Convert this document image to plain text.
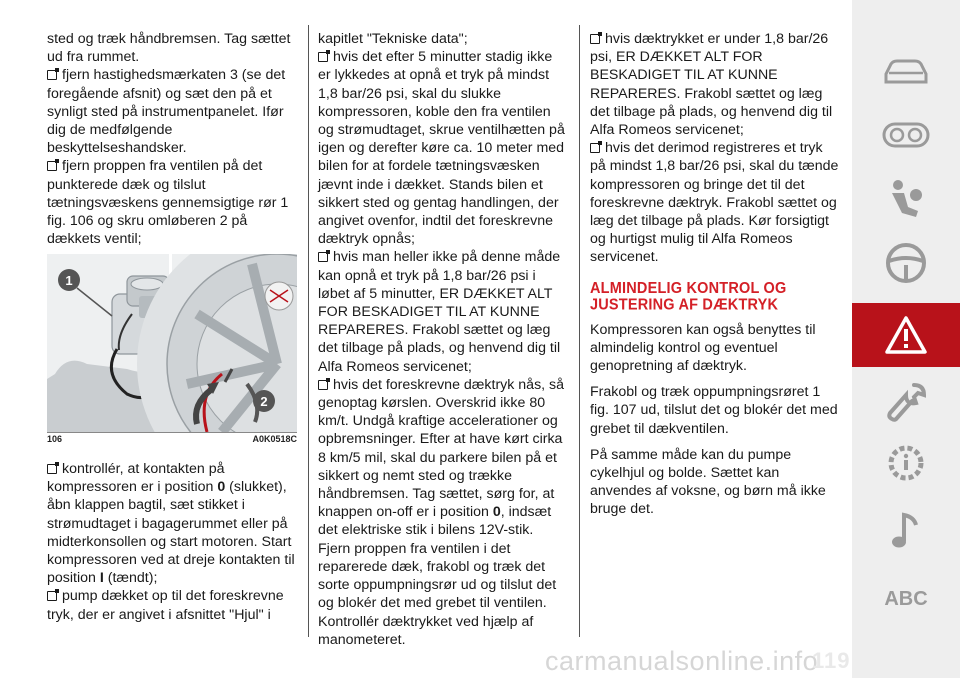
sted og træk håndbremsen. Tag sættet ud fra rummet.

fjern hastighedsmærkaten 3 (se det foregående afsnit) og sæt den på et synligt sted på instrumentpanelet. Ifør dig de medfølgende beskyttelseshandsker.

fjern proppen fra ventilen på det punkterede dæk og tilslut tætningsvæskens gennemsigtige rør 1 fig. 106 og skru omløberen 2 på dækkets ventil;

1
2
106	A0K0518C

kontrollér, at kontakten på kompressoren er i position 0 (slukket), åbn klappen bagtil, sæt stikket i strømudtaget i bagagerummet eller på midterkonsollen og start motoren. Start kompressoren ved at dreje kontakten til position I (tændt);

pump dækket op til det foreskrevne tryk, der er angivet i afsnittet "Hjul" i

kapitlet "Tekniske data";

hvis det efter 5 minutter stadig ikke er lykkedes at opnå et tryk på mindst 1,8 bar/26 psi, skal du slukke kompressoren, koble den fra ventilen og strømudtaget, skrue ventilhætten på igen og derefter køre ca. 10 meter med bilen for at fordele tætningsvæsken jævnt inde i dækket. Stands bilen et sikkert sted og gentag handlingen, der angivet ovenfor, indtil det foreskrevne dæktryk opnås;

hvis man heller ikke på denne måde kan opnå et tryk på 1,8 bar/26 psi i løbet af 5 minutter, ER DÆKKET ALT FOR BESKADIGET TIL AT KUNNE REPARERES. Frakobl sættet og læg det tilbage på plads, og henvend dig til Alfa Romeos servicenet;

hvis det foreskrevne dæktryk nås, så genoptag kørslen. Overskrid ikke 80 km/t. Undgå kraftige accelerationer og opbremsninger. Efter at have kørt cirka 8 km/5 mil, skal du parkere bilen på et sikkert og nemt sted og trække håndbremsen. Tag sættet, sørg for, at knappen on-off er i position 0, indsæt det elektriske stik i bilens 12V-stik. Fjern proppen fra ventilen i det reparerede dæk, frakobl og træk det sorte oppumpningsrør ud og tilslut det og blokér det med grebet til ventilen. Kontrollér dæktrykket ved hjælp af manometeret.

hvis dæktrykket er under 1,8 bar/26 psi, ER DÆKKET ALT FOR BESKADIGET TIL AT KUNNE REPARERES. Frakobl sættet og læg det tilbage på plads, og henvend dig til Alfa Romeos servicenet;

hvis det derimod registreres et tryk på mindst 1,8 bar/26 psi, skal du tænde kompressoren og bringe det til det foreskrevne dæktryk. Frakobl sættet og læg det tilbage på plads. Kør forsigtigt og hurtigst mulig til Alfa Romeos servicenet.

ALMINDELIG KONTROL OG JUSTERING AF DÆKTRYK

Kompressoren kan også benyttes til almindelig kontrol og eventuel genopretning af dæktryk.

Frakobl og træk oppumpningsrøret 1 fig. 107 ud, tilslut det og blokér det med grebet til dækventilen.

På samme måde kan du pumpe cykelhjul og bolde. Sættet kan anvendes af voksne, og børn må ikke bruge det.

ABC
carmanualsonline.info
119
